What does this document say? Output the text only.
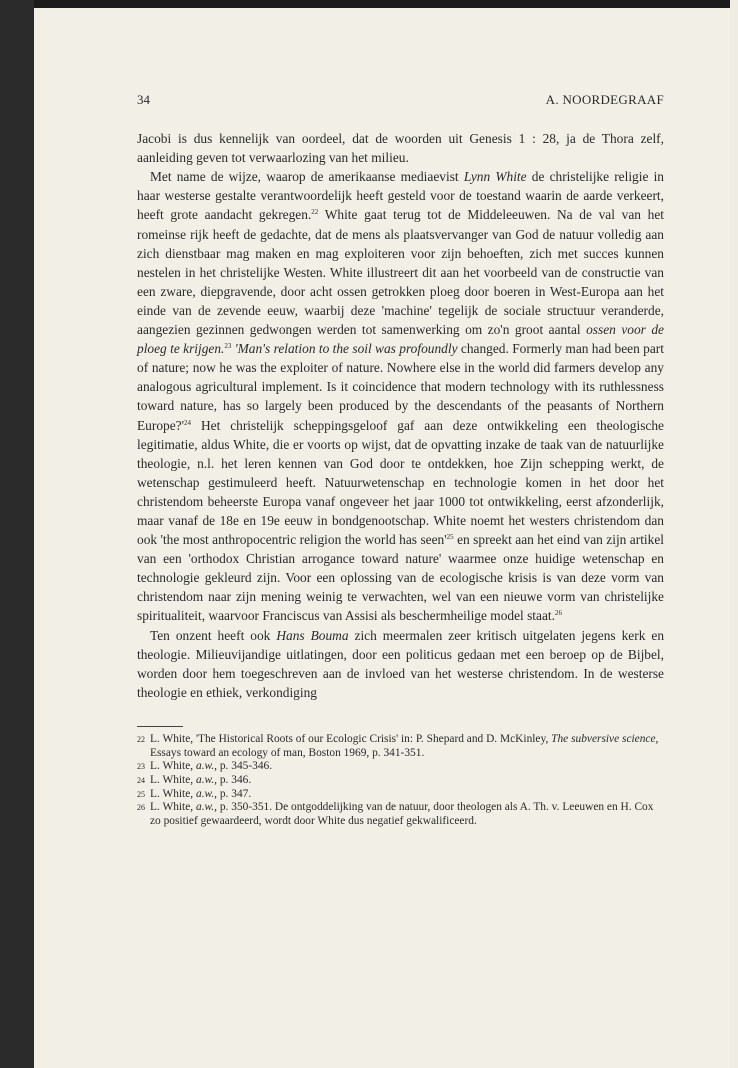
34	A. NOORDEGRAAF

Jacobi is dus kennelijk van oordeel, dat de woorden uit Genesis 1 : 28, ja de Thora zelf, aanleiding geven tot verwaarlozing van het milieu.

Met name de wijze, waarop de amerikaanse mediaevist Lynn White de christelijke religie in haar westerse gestalte verantwoordelijk heeft gesteld voor de toestand waarin de aarde verkeert, heeft grote aandacht gekregen.$^{22}$ White gaat terug tot de Middeleeuwen. Na de val van het romeinse rijk heeft de gedachte, dat de mens als plaatsvervanger van God de natuur volledig aan zich dienstbaar mag maken en mag exploiteren voor zijn behoeften, zich met succes kunnen nestelen in het christelijke Westen. White illustreert dit aan het voorbeeld van de constructie van een zware, diepgravende, door acht ossen getrokken ploeg door boeren in West-Europa aan het einde van de zevende eeuw, waarbij deze 'machine' tegelijk de sociale structuur veranderde, aangezien gezinnen gedwongen werden tot samenwerking om zo'n groot aantal ossen voor de ploeg te krijgen.$^{23}$ 'Man's relation to the soil was profoundly changed. Formerly man had been part of nature; now he was the exploiter of nature. Nowhere else in the world did farmers develop any analogous agricultural implement. Is it coincidence that modern technology with its ruthlessness toward nature, has so largely been produced by the descendants of the peasants of Northern $Europe?'^{24}$ Het christelijk scheppingsgeloof gaf aan deze ontwikkeling een theologische legitimatie, aldus White, die er voorts op wijst, dat de opvatting inzake de taak van de natuurlijke theologie, n.l. het leren kennen van God door te ontdekken, hoe Zijn schepping werkt, de wetenschap gestimuleerd heeft. Natuurwetenschap en technologie komen in het door het christendom beheerste Europa vanaf ongeveer het jaar 1000 tot ontwikkeling, eerst afzonderlijk, maar vanaf de 18e en 19e eeuw in bondgenootschap. White noemt het westers christendom dan ook 'the most anthropocentric religion the world has $seen'^{25}$ en spreekt aan het eind van zijn artikel van een 'orthodox Christian arrogance toward nature' waarmee onze huidige wetenschap en technologie gekleurd zijn. Voor een oplossing van de ecologische krisis is van deze vorm van christendom naar zijn mening weinig te verwachten, wel van een nieuwe vorm van christelijke spiritualiteit, waarvoor Franciscus van Assisi als beschermheilige model staat.$^{26}$

Ten onzent heeft ook Hans Bouma zich meermalen zeer kritisch uitgelaten jegens kerk en theologie. Milieuvijandige uitlatingen, door een politicus gedaan met een beroep op de Bijbel, worden door hem toegeschreven aan de invloed van het westerse christendom. In de westerse theologie en ethiek, verkondiging

22 L. White, 'The Historical Roots of our Ecologic Crisis' in: P. Shepard and D. McKinley, The subversive science, Essays toward an ecology of man, Boston 1969, p. 341-351.
23 L. White, a.w., p. 345-346.
24 L. White, a.w., p. 346.
25 L. White, a.w., p. 347.
26 L. White, a.w., p. 350-351. De ontgoddelijking van de natuur, door theologen als A. Th. v. Leeuwen en H. Cox zo positief gewaardeerd, wordt door White dus negatief gekwalificeerd.
